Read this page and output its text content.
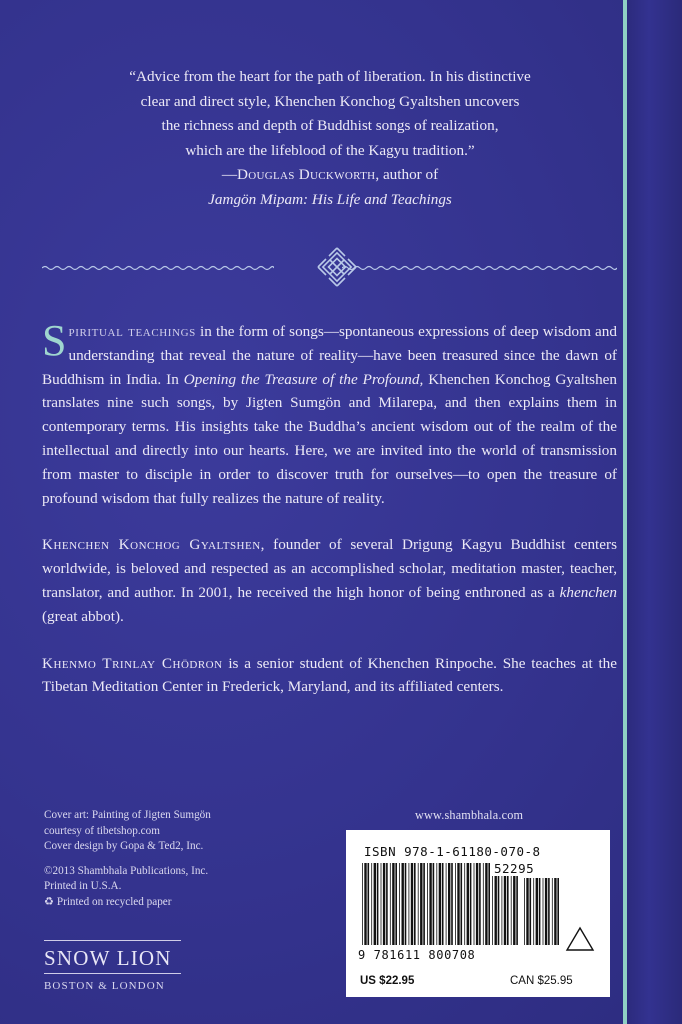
“Advice from the heart for the path of liberation. In his distinctive

clear and direct style, Khenchen Konchog Gyaltshen uncovers

the richness and depth of Buddhist songs of realization,

which are the lifeblood of the Kagyu tradition.”

—Douglas Duckworth, author of

Jamgön Mipam: His Life and Teachings

Spiritual teachings in the form of songs—spontaneous expressions of deep wisdom and understanding that reveal the nature of reality—have been treasured since the dawn of Buddhism in India. In Opening the Treasure of the Profound, Khenchen Konchog Gyaltshen translates nine such songs, by Jigten Sumgön and Milarepa, and then explains them in contemporary terms. His insights take the Buddha’s ancient wisdom out of the realm of the intellectual and directly into our hearts. Here, we are invited into the world of transmission from master to disciple in order to discover truth for ourselves—to open the treasure of profound wisdom that fully realizes the nature of reality.

Khenchen Konchog Gyaltshen, founder of several Drigung Kagyu Buddhist centers worldwide, is beloved and respected as an accomplished scholar, meditation master, teacher, translator, and author. In 2001, he received the high honor of being enthroned as a khenchen (great abbot).

Khenmo Trinlay Chödron is a senior student of Khenchen Rinpoche. She teaches at the Tibetan Meditation Center in Frederick, Maryland, and its affiliated centers.

Cover art: Painting of Jigten Sumgön
courtesy of tibetshop.com
Cover design by Gopa & Ted2, Inc.
©2013 Shambhala Publications, Inc.
Printed in U.S.A.
♻ Printed on recycled paper
SNOW LION
BOSTON & LONDON
www.shambhala.com
ISBN 978-1-61180-070-8
52295
9 781611 800708
US $22.95	CAN $25.95
